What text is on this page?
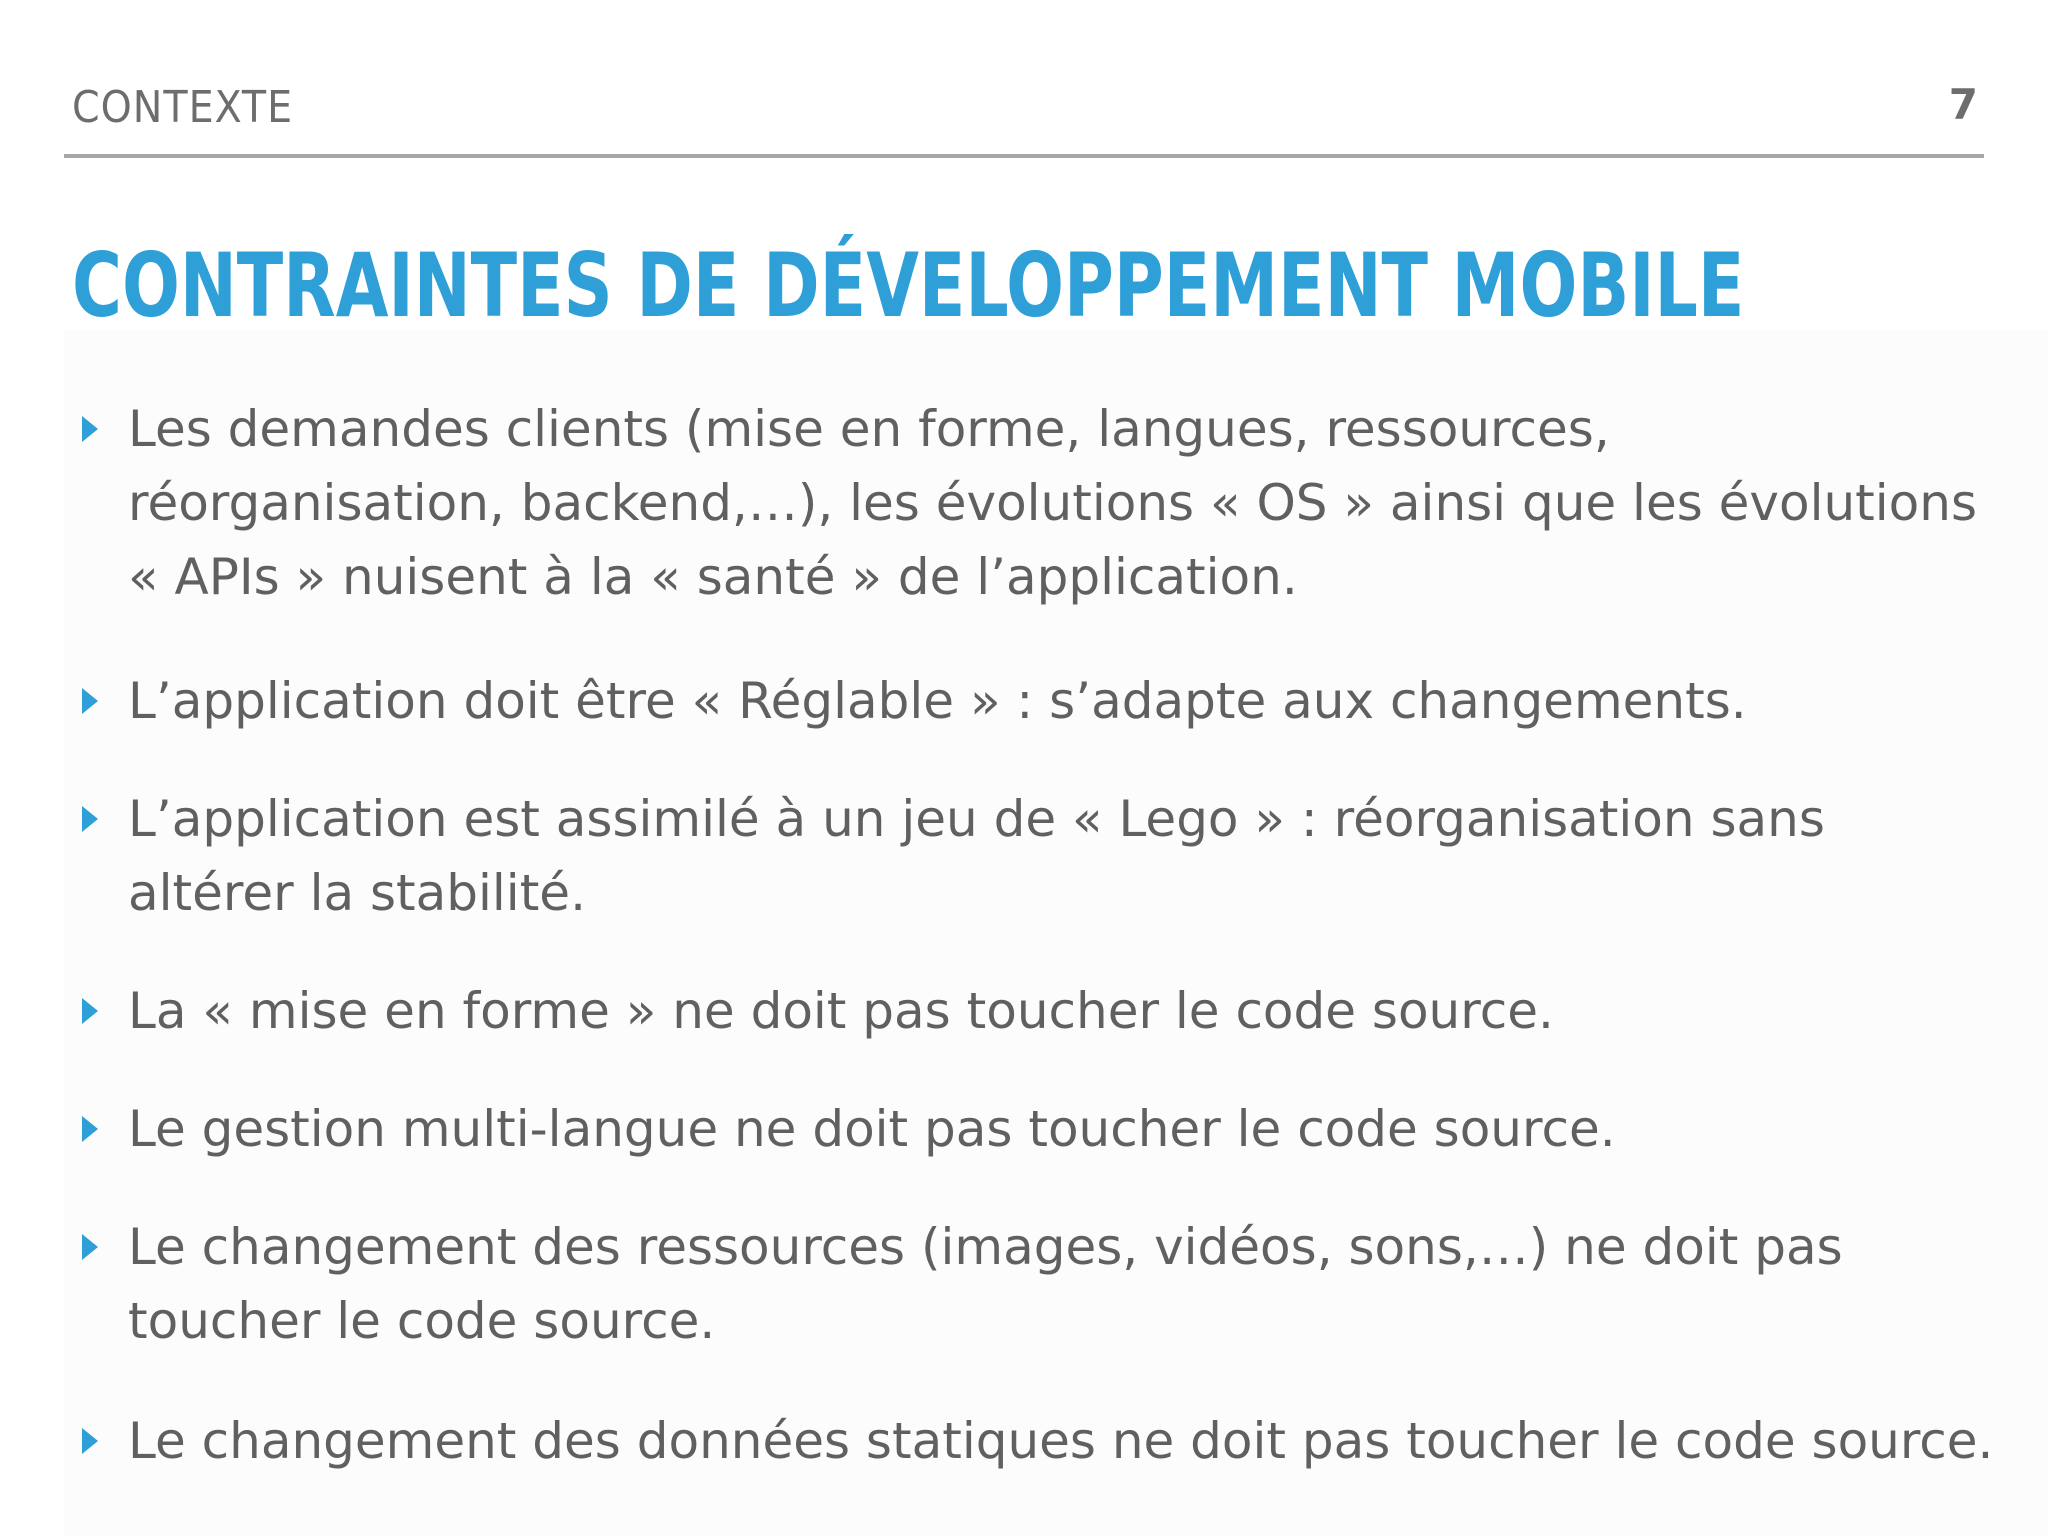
CONTEXTE	7
CONTRAINTES DE DÉVELOPPEMENT MOBILE
Les demandes clients (mise en forme, langues, ressources, réorganisation, backend,…), les évolutions « OS » ainsi que les évolutions « APIs » nuisent à la « santé » de l’application.
L’application doit être « Réglable » : s’adapte aux changements.
L’application est assimilé à un jeu de « Lego » : réorganisation sans altérer la stabilité.
La « mise en forme » ne doit pas toucher le code source.
Le gestion multi-langue ne doit pas toucher le code source.
Le changement des ressources (images, vidéos, sons,…) ne doit pas toucher le code source.
Le changement des données statiques ne doit pas toucher le code source.
